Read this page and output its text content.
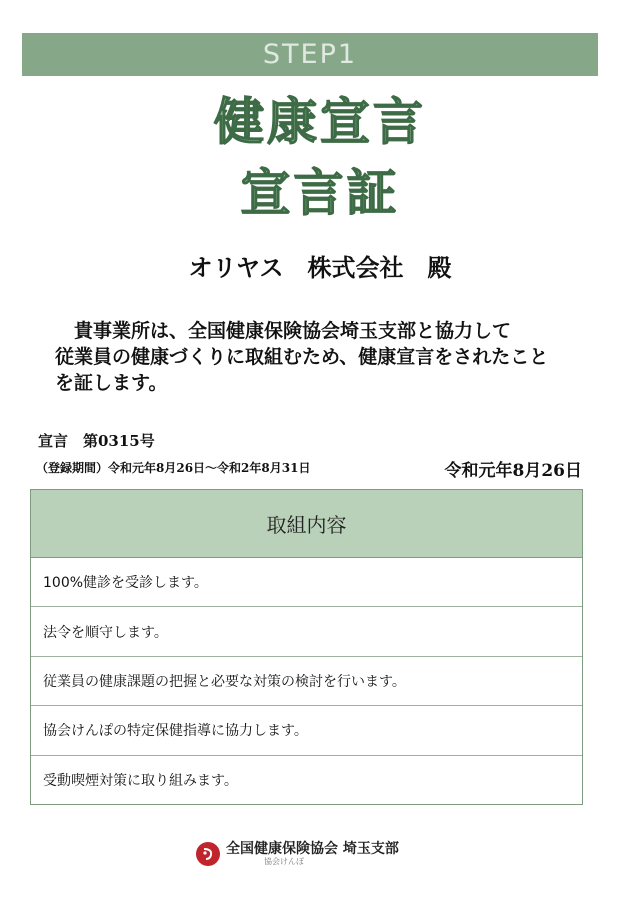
STEP1
健康宣言
宣言証
オリヤス　株式会社　殿
貴事業所は、全国健康保険協会埼玉支部と協力して
従業員の健康づくりに取組むため、健康宣言をされたこと
を証します。
宣言　第0315号
（登録期間）令和元年8月26日～令和2年8月31日	令和元年8月26日
取組内容
100%健診を受診します。
法令を順守します。
従業員の健康課題の把握と必要な対策の検討を行います。
協会けんぽの特定保健指導に協力します。
受動喫煙対策に取り組みます。
全国健康保険協会 埼玉支部
協会けんぽ
